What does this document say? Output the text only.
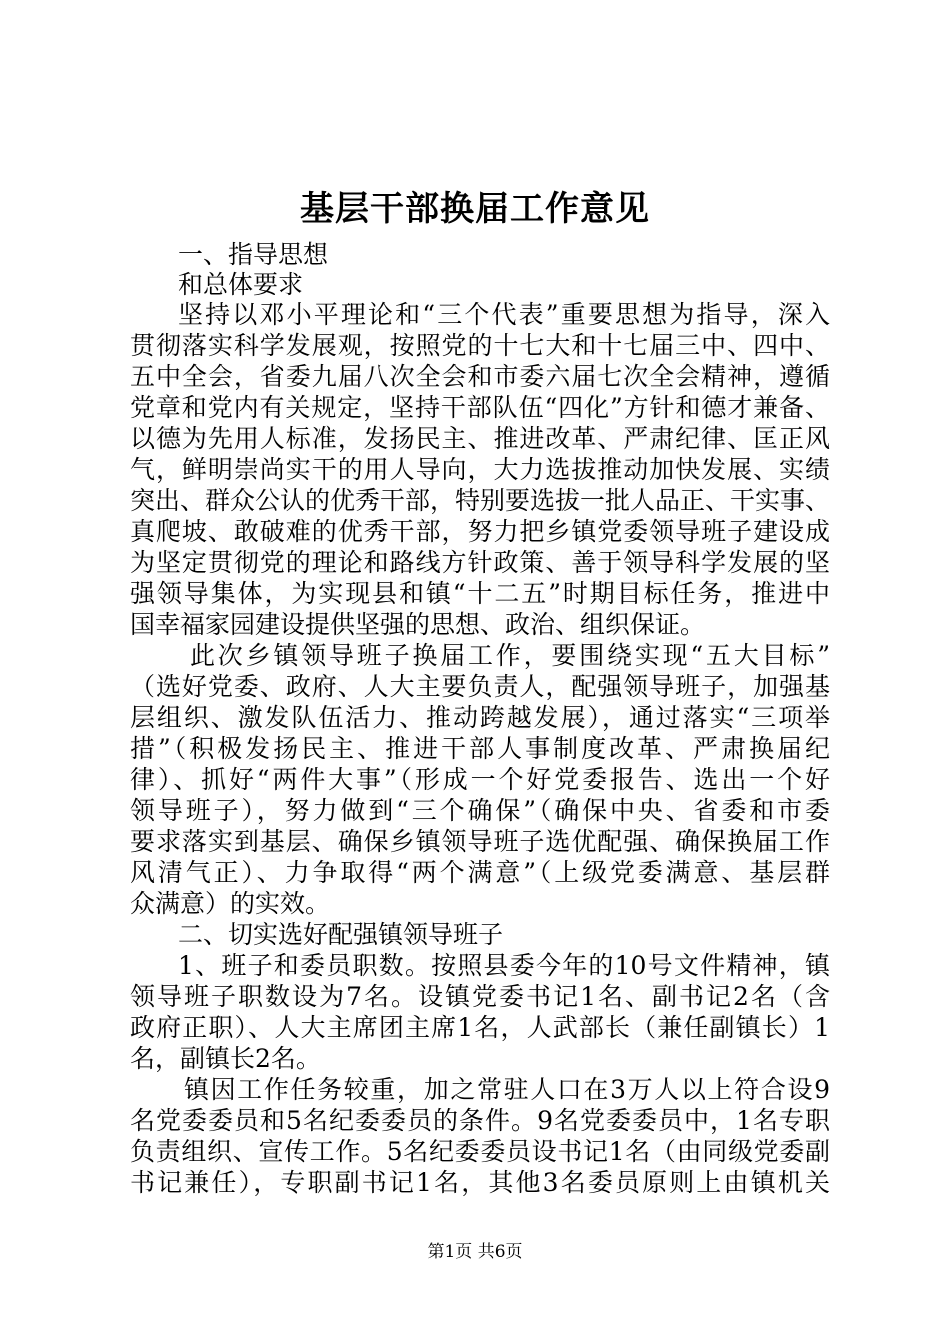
基层干部换届工作意见
一、指导思想
和总体要求
坚持以邓小平理论和“三个代表”重要思想为指导，深入
贯彻落实科学发展观，按照党的十七大和十七届三中、四中、
五中全会，省委九届八次全会和市委六届七次全会精神，遵循
党章和党内有关规定，坚持干部队伍“四化”方针和德才兼备、
以德为先用人标准，发扬民主、推进改革、严肃纪律、匡正风
气，鲜明崇尚实干的用人导向，大力选拔推动加快发展、实绩
突出、群众公认的优秀干部，特别要选拔一批人品正、干实事、
真爬坡、敢破难的优秀干部，努力把乡镇党委领导班子建设成
为坚定贯彻党的理论和路线方针政策、善于领导科学发展的坚
强领导集体，为实现县和镇“十二五”时期目标任务，推进中
国幸福家园建设提供坚强的思想、政治、组织保证。
此次乡镇领导班子换届工作，要围绕实现“五大目标”
（选好党委、政府、人大主要负责人，配强领导班子，加强基
层组织、激发队伍活力、推动跨越发展），通过落实“三项举
措”（积极发扬民主、推进干部人事制度改革、严肃换届纪
律）、抓好“两件大事”（形成一个好党委报告、选出一个好
领导班子），努力做到“三个确保”（确保中央、省委和市委
要求落实到基层、确保乡镇领导班子选优配强、确保换届工作
风清气正）、力争取得“两个满意”（上级党委满意、基层群
众满意）的实效。
二、切实选好配强镇领导班子
1、班子和委员职数。按照县委今年的10号文件精神，镇
领导班子职数设为7名。设镇党委书记1名、副书记2名（含
政府正职）、人大主席团主席1名，人武部长（兼任副镇长）1
名，副镇长2名。
镇因工作任务较重，加之常驻人口在3万人以上符合设9
名党委委员和5名纪委委员的条件。9名党委委员中，1名专职
负责组织、宣传工作。5名纪委委员设书记1名（由同级党委副
书记兼任），专职副书记1名，其他3名委员原则上由镇机关
第1页 共6页
